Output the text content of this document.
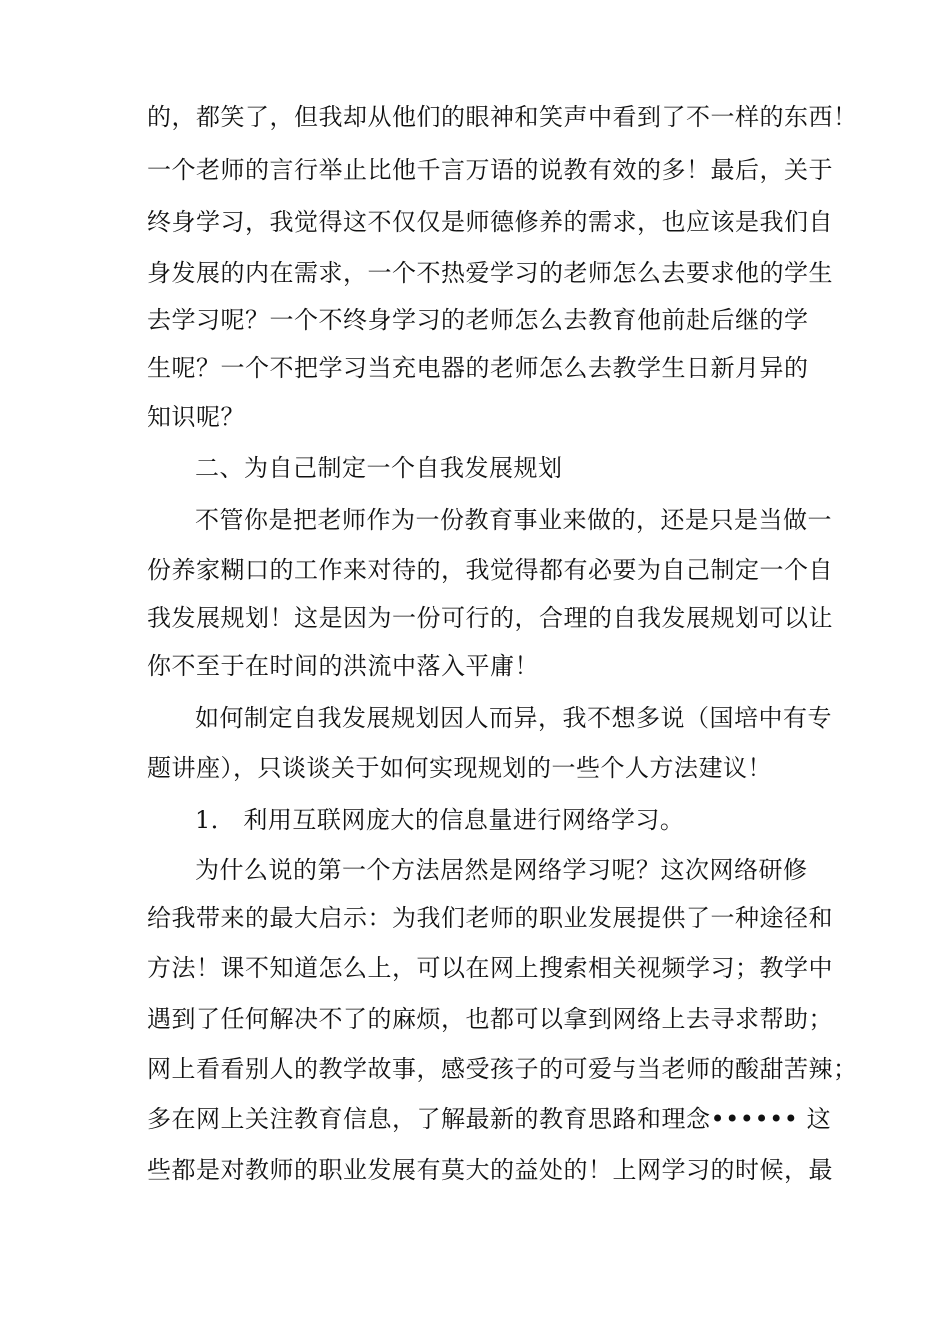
的，都笑了，但我却从他们的眼神和笑声中看到了不一样的东西！
一个老师的言行举止比他千言万语的说教有效的多！最后，关于
终身学习，我觉得这不仅仅是师德修养的需求，也应该是我们自
身发展的内在需求，一个不热爱学习的老师怎么去要求他的学生
去学习呢？一个不终身学习的老师怎么去教育他前赴后继的学
生呢？一个不把学习当充电器的老师怎么去教学生日新月异的
知识呢？
二、为自己制定一个自我发展规划
不管你是把老师作为一份教育事业来做的，还是只是当做一
份养家糊口的工作来对待的，我觉得都有必要为自己制定一个自
我发展规划！这是因为一份可行的，合理的自我发展规划可以让
你不至于在时间的洪流中落入平庸！
如何制定自我发展规划因人而异，我不想多说（国培中有专
题讲座），只谈谈关于如何实现规划的一些个人方法建议！
1． 利用互联网庞大的信息量进行网络学习。
为什么说的第一个方法居然是网络学习呢？这次网络研修
给我带来的最大启示：为我们老师的职业发展提供了一种途径和
方法！课不知道怎么上，可以在网上搜索相关视频学习；教学中
遇到了任何解决不了的麻烦，也都可以拿到网络上去寻求帮助；
网上看看别人的教学故事，感受孩子的可爱与当老师的酸甜苦辣；
多在网上关注教育信息，了解最新的教育思路和理念•••••• 这
些都是对教师的职业发展有莫大的益处的！上网学习的时候，最
